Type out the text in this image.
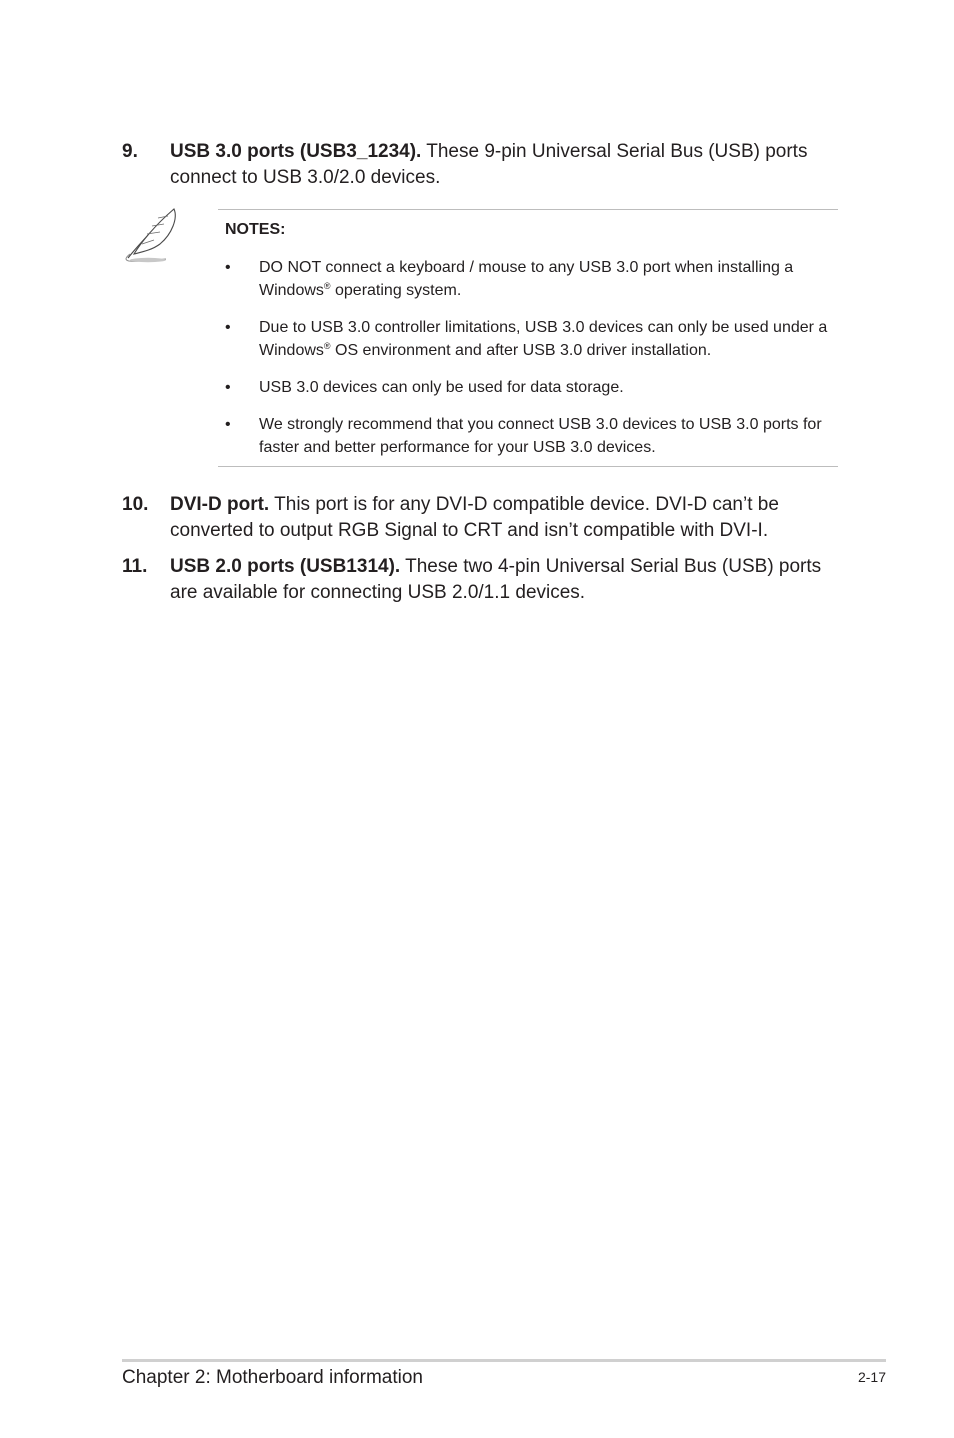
9. USB 3.0 ports (USB3_1234). These 9-pin Universal Serial Bus (USB) ports connect to USB 3.0/2.0 devices.
NOTES:
• DO NOT connect a keyboard / mouse to any USB 3.0 port when installing a Windows® operating system.
• Due to USB 3.0 controller limitations, USB 3.0 devices can only be used under a Windows® OS environment and after USB 3.0 driver installation.
• USB 3.0 devices can only be used for data storage.
• We strongly recommend that you connect USB 3.0 devices to USB 3.0 ports for faster and better performance for your USB 3.0 devices.
10. DVI-D port. This port is for any DVI-D compatible device. DVI-D can’t be converted to output RGB Signal to CRT and isn’t compatible with DVI-I.
11. USB 2.0 ports (USB1314). These two 4-pin Universal Serial Bus (USB) ports are available for connecting USB 2.0/1.1 devices.
Chapter 2: Motherboard information	2-17
